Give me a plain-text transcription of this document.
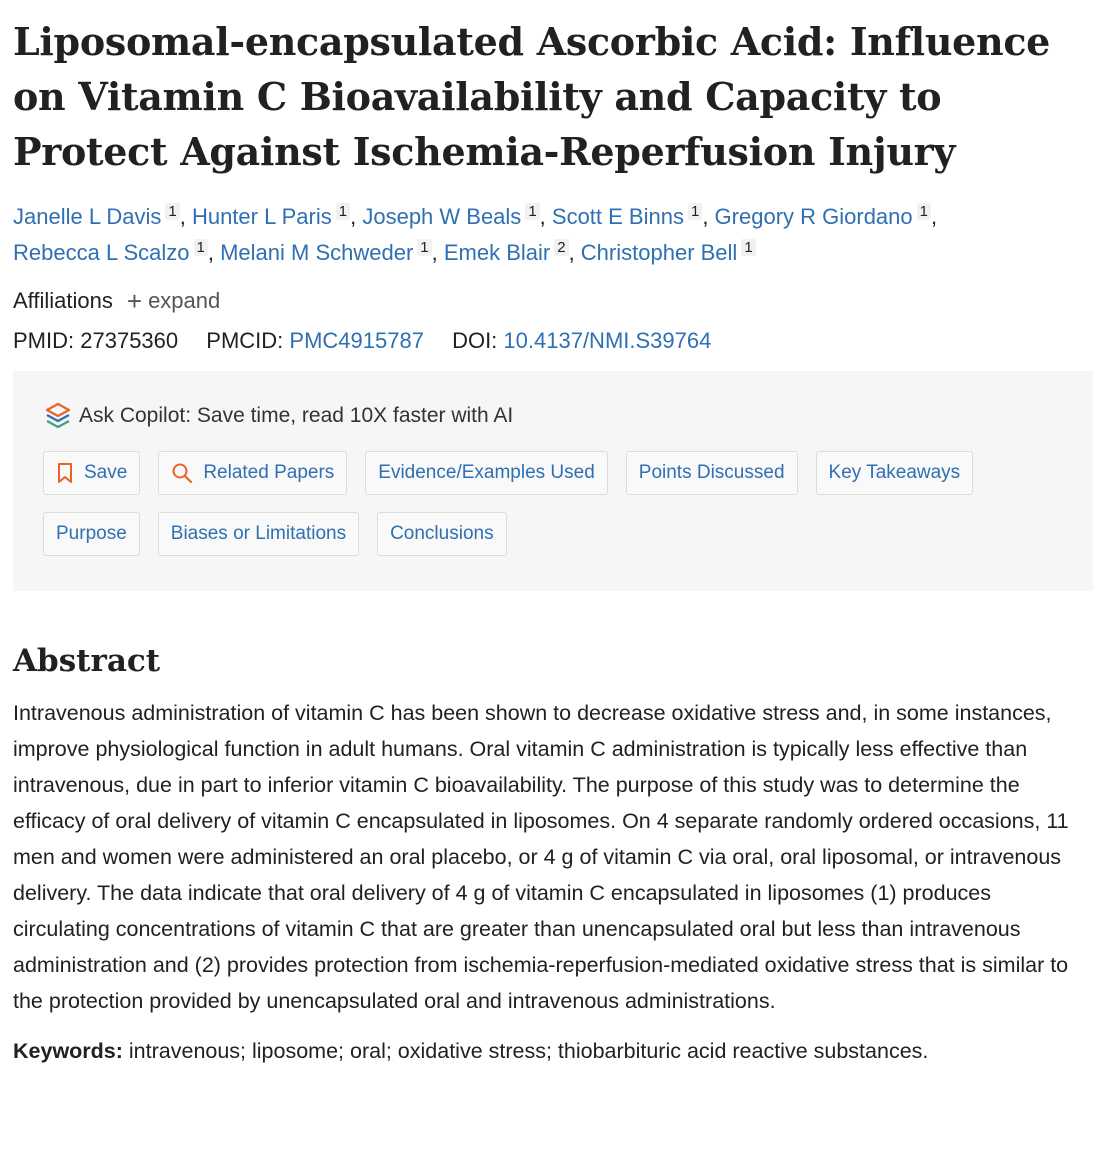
Liposomal-encapsulated Ascorbic Acid: Influence on Vitamin C Bioavailability and Capacity to Protect Against Ischemia-Reperfusion Injury
Janelle L Davis $^1$ , Hunter L Paris $^1$ , Joseph W Beals $^1$ , Scott E Binns $^1$ , Gregory R Giordano $^1$ ,
Rebecca L Scalzo $^1$ , Melani M Schweder $^1$ , Emek Blair $^2$ , Christopher Bell $^1$
Affiliations + expand
PMID: 27375360 PMCID: PMC4915787 DOI: 10.4137/NMI.S39764
Ask Copilot: Save time, read 10X faster with AI
Save	Related Papers	Evidence/Examples Used	Points Discussed	Key Takeaways
Purpose	Biases or Limitations	Conclusions
Abstract
Intravenous administration of vitamin C has been shown to decrease oxidative stress and, in some instances, improve physiological function in adult humans. Oral vitamin C administration is typically less effective than intravenous, due in part to inferior vitamin C bioavailability. The purpose of this study was to determine the efficacy of oral delivery of vitamin C encapsulated in liposomes. On 4 separate randomly ordered occasions, 11 men and women were administered an oral placebo, or 4 g of vitamin C via oral, oral liposomal, or intravenous delivery. The data indicate that oral delivery of 4 g of vitamin C encapsulated in liposomes (1) produces circulating concentrations of vitamin C that are greater than unencapsulated oral but less than intravenous administration and (2) provides protection from ischemia-reperfusion-mediated oxidative stress that is similar to the protection provided by unencapsulated oral and intravenous administrations.
Keywords: intravenous; liposome; oral; oxidative stress; thiobarbituric acid reactive substances.
